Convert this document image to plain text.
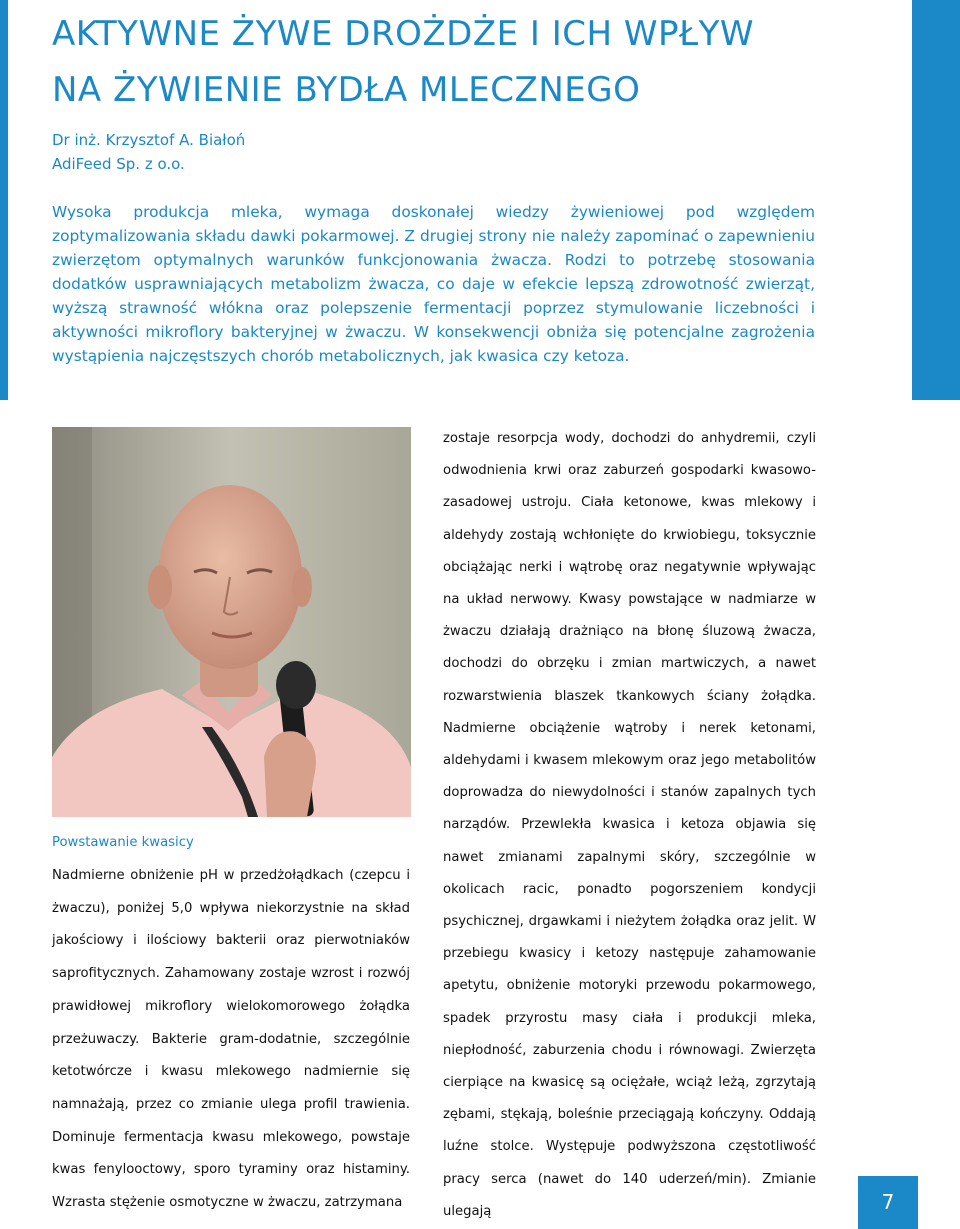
AKTYWNE ŻYWE DROŻDŻE I ICH WPŁYW
NA ŻYWIENIE BYDŁA MLECZNEGO
Dr inż. Krzysztof A. Białoń
AdiFeed Sp. z o.o.

Wysoka produkcja mleka, wymaga doskonałej wiedzy żywieniowej pod względem zoptymalizowania składu dawki pokarmowej. Z drugiej strony nie należy zapominać o zapewnieniu zwierzętom optymalnych warunków funkcjonowania żwacza. Rodzi to potrzebę stosowania dodatków usprawniających metabolizm żwacza, co daje w efekcie lepszą zdrowotność zwierząt, wyższą strawność włókna oraz polepszenie fermentacji poprzez stymulowanie liczebności i aktywności mikroflory bakteryjnej w żwaczu. W konsekwencji obniża się potencjalne zagrożenia wystąpienia najczęstszych chorób metabolicznych, jak kwasica czy ketoza.

Powstawanie kwasicy

Nadmierne obniżenie pH w przedżołądkach (czepcu i żwaczu), poniżej 5,0 wpływa niekorzystnie na skład jakościowy i ilościowy bakterii oraz pierwotniaków saprofitycznych. Zahamowany zostaje wzrost i rozwój prawidłowej mikroflory wielokomorowego żołądka przeżuwaczy. Bakterie gram-dodatnie, szczególnie ketotwórcze i kwasu mlekowego nadmiernie się namnażają, przez co zmianie ulega profil trawienia. Dominuje fermentacja kwasu mlekowego, powstaje kwas fenylooctowy, sporo tyraminy oraz histaminy. Wzrasta stężenie osmotyczne w żwaczu, zatrzymana

zostaje resorpcja wody, dochodzi do anhydremii, czyli odwodnienia krwi oraz zaburzeń gospodarki kwasowo-zasadowej ustroju. Ciała ketonowe, kwas mlekowy i aldehydy zostają wchłonięte do krwiobiegu, toksycznie obciążając nerki i wątrobę oraz negatywnie wpływając na układ nerwowy. Kwasy powstające w nadmiarze w żwaczu działają drażniąco na błonę śluzową żwacza, dochodzi do obrzęku i zmian martwiczych, a nawet rozwarstwienia blaszek tkankowych ściany żołądka. Nadmierne obciążenie wątroby i nerek ketonami, aldehydami i kwasem mlekowym oraz jego metabolitów doprowadza do niewydolności i stanów zapalnych tych narządów. Przewlekła kwasica i ketoza objawia się nawet zmianami zapalnymi skóry, szczególnie w okolicach racic, ponadto pogorszeniem kondycji psychicznej, drgawkami i nieżytem żołądka oraz jelit. W przebiegu kwasicy i ketozy następuje zahamowanie apetytu, obniżenie motoryki przewodu pokarmowego, spadek przyrostu masy ciała i produkcji mleka, niepłodność, zaburzenia chodu i równowagi. Zwierzęta cierpiące na kwasicę są ociężałe, wciąż leżą, zgrzytają zębami, stękają, boleśnie przeciągają kończyny. Oddają luźne stolce. Występuje podwyższona częstotliwość pracy serca (nawet do 140 uderzeń/min). Zmianie ulegają	7
